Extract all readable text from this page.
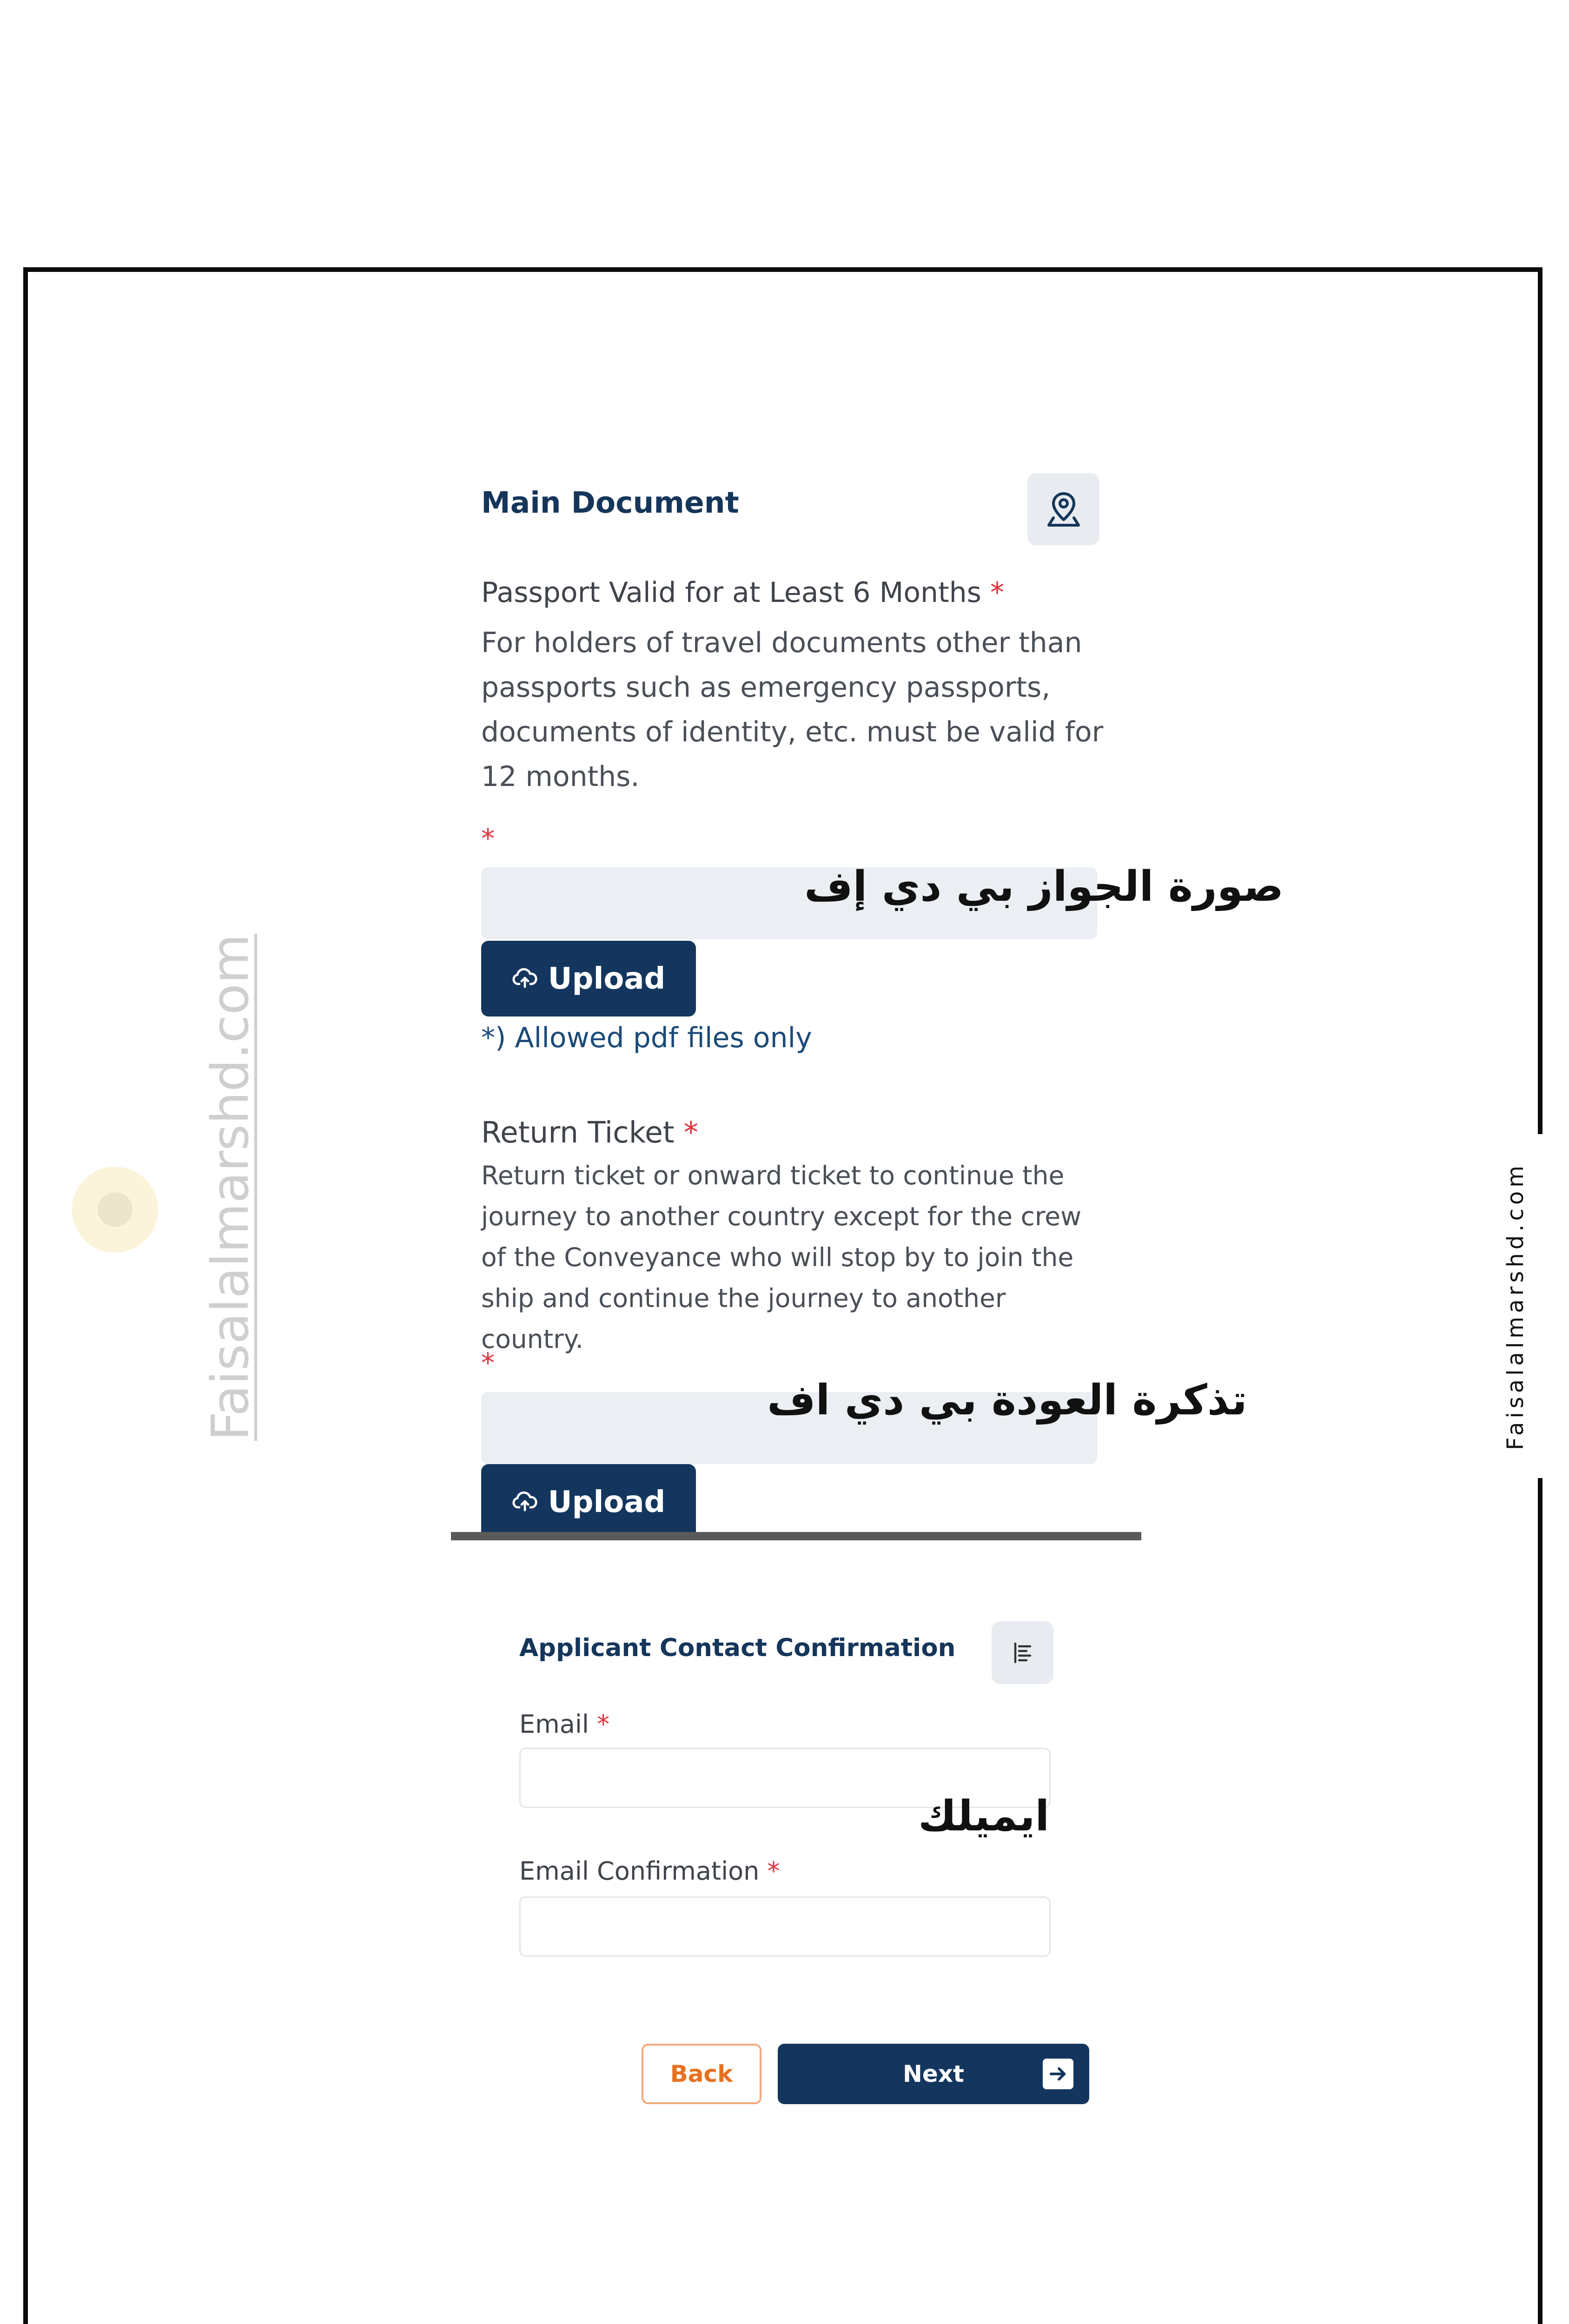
Faisalalmarshd.com
Faisalalmarshd.com
Main Document
Passport Valid for at Least 6 Months *
For holders of travel documents other than passports such as emergency passports, documents of identity, etc. must be valid for 12 months.
*
صورة الجواز بي دي إف
Upload
*) Allowed pdf files only
Return Ticket *
Return ticket or onward ticket to continue the journey to another country except for the crew of the Conveyance who will stop by to join the ship and continue the journey to another country.
*
تذكرة العودة بي دي اف
Upload
Applicant Contact Confirmation
Email *
ايميلك
Email Confirmation *
Back	Next
